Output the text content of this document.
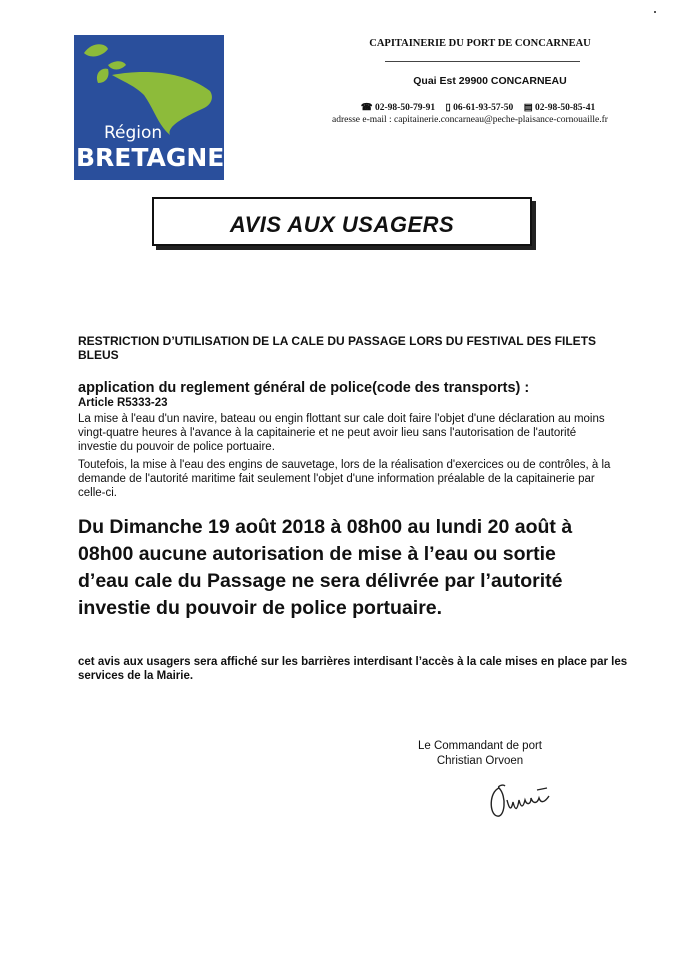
Région
BRETAGNE
CAPITAINERIE DU PORT DE CONCARNEAU
Quai Est 29900 CONCARNEAU
☎ 02-98-50-79-91 ▯ 06-61-93-57-50 ▤ 02-98-50-85-41
adresse e-mail : capitainerie.concarneau@peche-plaisance-cornouaille.fr
AVIS AUX USAGERS
RESTRICTION D’UTILISATION DE LA CALE DU PASSAGE LORS DU FESTIVAL DES FILETS BLEUS
application du reglement général de police(code des transports) :
Article R5333-23
La mise à l'eau d'un navire, bateau ou engin flottant sur cale doit faire l'objet d'une déclaration au moins vingt-quatre heures à l'avance à la capitainerie et ne peut avoir lieu sans l'autorisation de l'autorité investie du pouvoir de police portuaire.
Toutefois, la mise à l'eau des engins de sauvetage, lors de la réalisation d'exercices ou de contrôles, à la demande de l'autorité maritime fait seulement l'objet d'une information préalable de la capitainerie par celle-ci.
Du Dimanche 19 août 2018 à 08h00 au lundi 20 août à 08h00 aucune autorisation de mise à l’eau ou sortie d’eau cale du Passage ne sera délivrée par l’autorité investie du pouvoir de police portuaire.
cet avis aux usagers sera affiché sur les barrières interdisant l’accès à la cale mises en place par les services de la Mairie.
Le Commandant de port
Christian Orvoen
